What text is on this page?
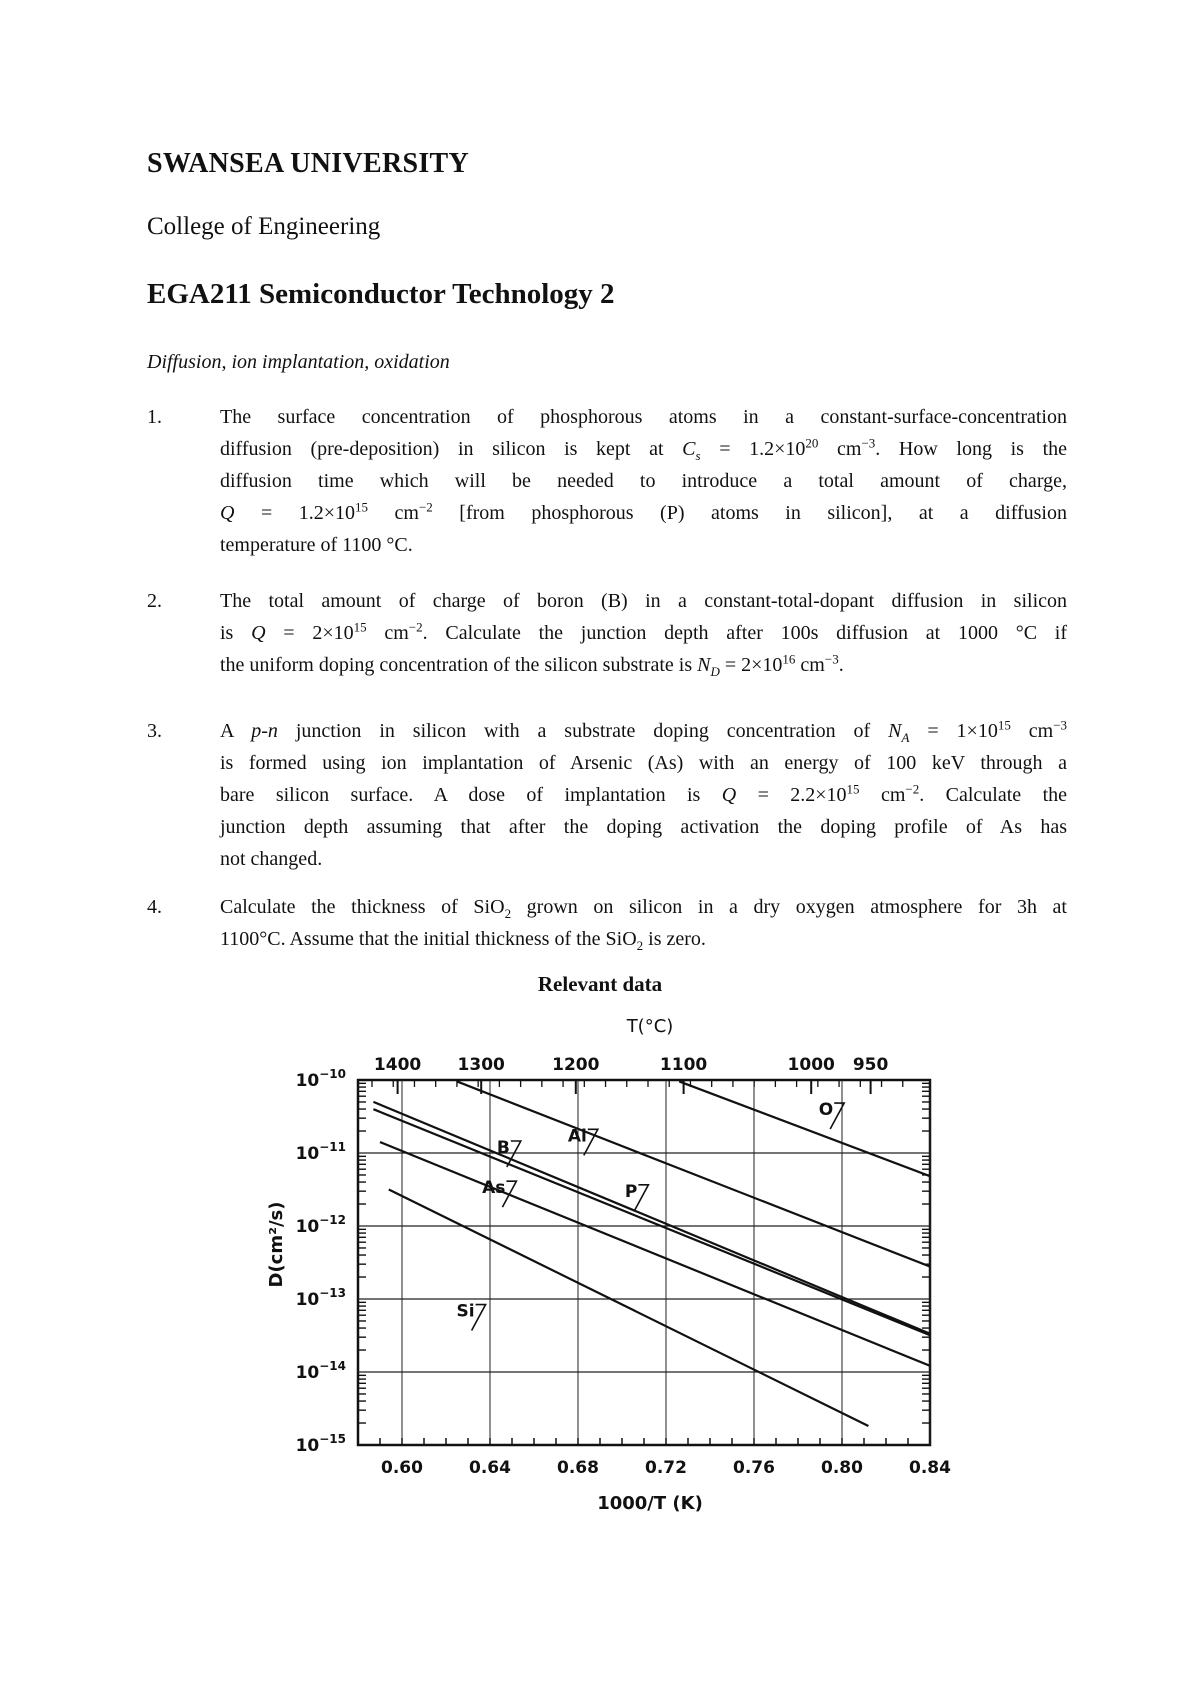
SWANSEA UNIVERSITY
College of Engineering
EGA211 Semiconductor Technology 2
Diffusion, ion implantation, oxidation
1.	The surface concentration of phosphorous atoms in a constant-surface-concentration
diffusion (pre-deposition) in silicon is kept at $C_s = 1.2\times 10^{20}$ $cm^{-3}$. How long is the
diffusion time which will be needed to introduce a total amount of charge,
$Q = 1.2\times 10^{15}$ $cm^{-2}$ [from phosphorous (P) atoms in silicon], at a diffusion
temperature of 1100 °C.
2.	The total amount of charge of boron (B) in a constant-total-dopant diffusion in silicon
is $Q = 2\times 10^{15}$ $cm^{-2}$. Calculate the junction depth after 100s diffusion at 1000 °C if
the uniform doping concentration of the silicon substrate is $N_D = 2\times 10^{16}$ $cm^{-3}$.
3.	A p-n junction in silicon with a substrate doping concentration of $N_A = 1\times 10^{15}$ $cm^{-3}$
is formed using ion implantation of Arsenic (As) with an energy of 100 keV through a
bare silicon surface. A dose of implantation is $Q = 2.2\times 10^{15}$ $cm^{-2}$. Calculate the
junction depth assuming that after the doping activation the doping profile of As has
not changed.
4.	Calculate the thickness of SiO$_2$ grown on silicon in a dry oxygen atmosphere for 3h at
1100°C. Assume that the initial thickness of the SiO$_2$ is zero.
Relevant data
0.60	0.64	0.68	0.72	0.76	0.80	0.84
$10^{-10}$
$10^{-11}$
$10^{-12}$
$10^{-13}$
$10^{-14}$
$10^{-15}$
1400 1300	1200	1100	1000 950
T(°C)
1000/T (K)
D(cm²/s)
O
Al
B
P
As
Si
